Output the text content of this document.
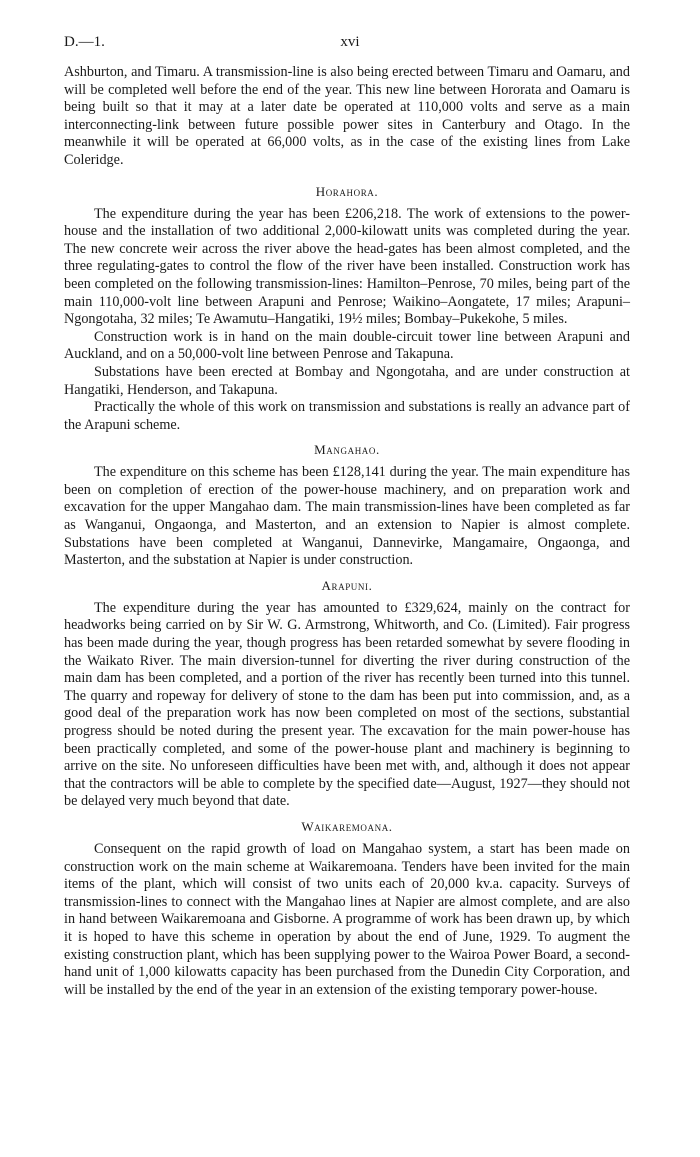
D.—1.	xvi

Ashburton, and Timaru. A transmission-line is also being erected between Timaru and Oamaru, and will be completed well before the end of the year. This new line between Hororata and Oamaru is being built so that it may at a later date be operated at 110,000 volts and serve as a main interconnecting-link between future possible power sites in Canterbury and Otago. In the meanwhile it will be operated at 66,000 volts, as in the case of the existing lines from Lake Coleridge.

Horahora.

The expenditure during the year has been £206,218. The work of extensions to the power-house and the installation of two additional 2,000-kilowatt units was completed during the year. The new concrete weir across the river above the head-gates has been almost completed, and the three regulating-gates to control the flow of the river have been installed. Construction work has been completed on the following transmission-lines: Hamilton–Penrose, 70 miles, being part of the main 110,000-volt line between Arapuni and Penrose; Waikino–Aongatete, 17 miles; Arapuni–Ngongotaha, 32 miles; Te Awamutu–Hangatiki, 19½ miles; Bombay–Pukekohe, 5 miles.

Construction work is in hand on the main double-circuit tower line between Arapuni and Auckland, and on a 50,000-volt line between Penrose and Takapuna.

Substations have been erected at Bombay and Ngongotaha, and are under construction at Hangatiki, Henderson, and Takapuna.

Practically the whole of this work on transmission and substations is really an advance part of the Arapuni scheme.

Mangahao.

The expenditure on this scheme has been £128,141 during the year. The main expenditure has been on completion of erection of the power-house machinery, and on preparation work and excavation for the upper Mangahao dam. The main transmission-lines have been completed as far as Wanganui, Ongaonga, and Masterton, and an extension to Napier is almost complete. Substations have been completed at Wanganui, Dannevirke, Mangamaire, Ongaonga, and Masterton, and the substation at Napier is under construction.

Arapuni.

The expenditure during the year has amounted to £329,624, mainly on the contract for headworks being carried on by Sir W. G. Armstrong, Whitworth, and Co. (Limited). Fair progress has been made during the year, though progress has been retarded somewhat by severe flooding in the Waikato River. The main diversion-tunnel for diverting the river during construction of the main dam has been completed, and a portion of the river has recently been turned into this tunnel. The quarry and ropeway for delivery of stone to the dam has been put into commission, and, as a good deal of the preparation work has now been completed on most of the sections, substantial progress should be noted during the present year. The excavation for the main power-house has been practically completed, and some of the power-house plant and machinery is beginning to arrive on the site. No unforeseen difficulties have been met with, and, although it does not appear that the contractors will be able to complete by the specified date—August, 1927—they should not be delayed very much beyond that date.

Waikaremoana.

Consequent on the rapid growth of load on Mangahao system, a start has been made on construction work on the main scheme at Waikaremoana. Tenders have been invited for the main items of the plant, which will consist of two units each of 20,000 kv.a. capacity. Surveys of transmission-lines to connect with the Mangahao lines at Napier are almost complete, and are also in hand between Waikaremoana and Gisborne. A programme of work has been drawn up, by which it is hoped to have this scheme in operation by about the end of June, 1929. To augment the existing construction plant, which has been supplying power to the Wairoa Power Board, a second-hand unit of 1,000 kilowatts capacity has been purchased from the Dunedin City Corporation, and will be installed by the end of the year in an extension of the existing temporary power-house.
